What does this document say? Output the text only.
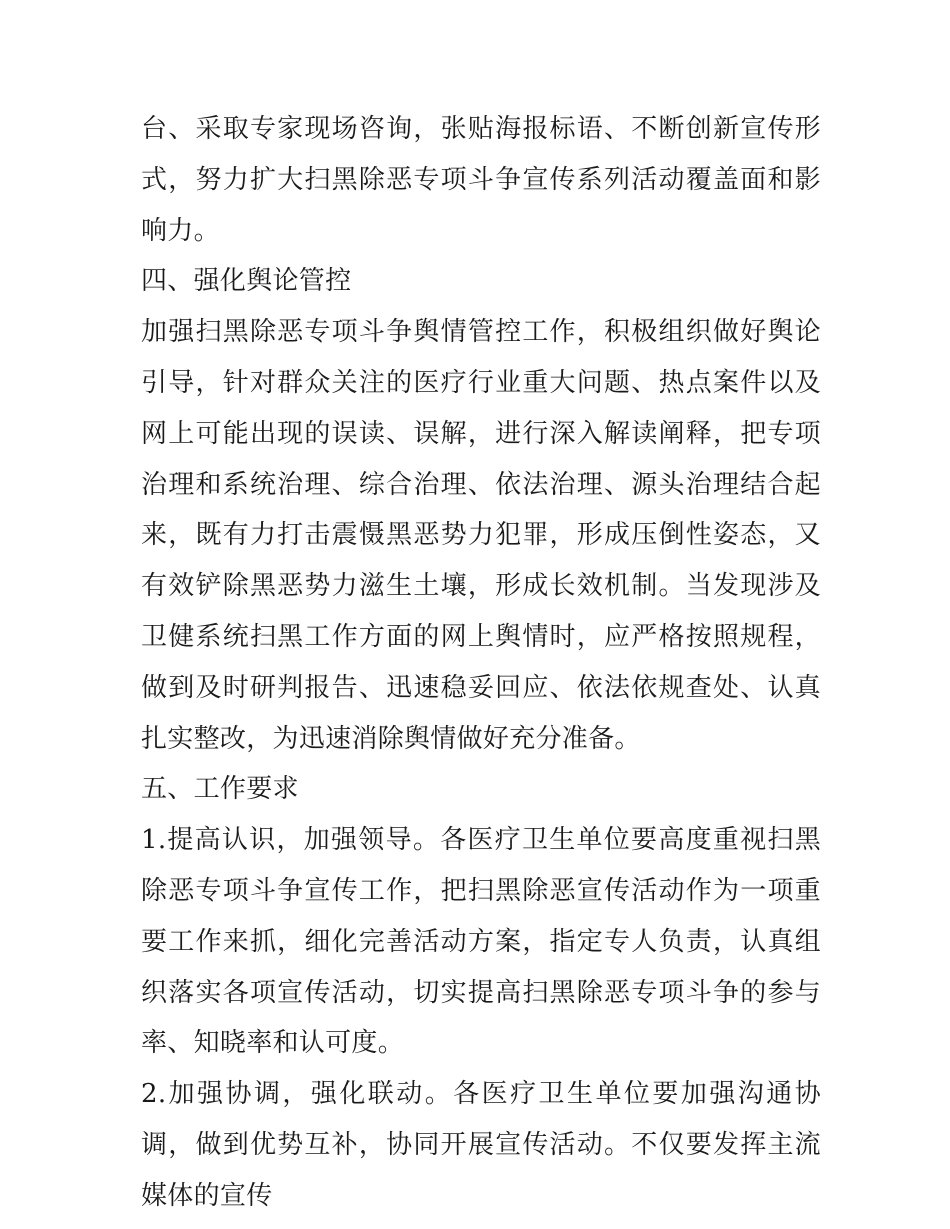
台、采取专家现场咨询，张贴海报标语、不断创新宣传形式，努力扩大扫黑除恶专项斗争宣传系列活动覆盖面和影响力。

四、强化舆论管控

加强扫黑除恶专项斗争舆情管控工作，积极组织做好舆论引导，针对群众关注的医疗行业重大问题、热点案件以及网上可能出现的误读、误解，进行深入解读阐释，把专项治理和系统治理、综合治理、依法治理、源头治理结合起来，既有力打击震慑黑恶势力犯罪，形成压倒性姿态，又有效铲除黑恶势力滋生土壤，形成长效机制。当发现涉及卫健系统扫黑工作方面的网上舆情时，应严格按照规程，做到及时研判报告、迅速稳妥回应、依法依规查处、认真扎实整改，为迅速消除舆情做好充分准备。

五、工作要求

1.提高认识，加强领导。各医疗卫生单位要高度重视扫黑除恶专项斗争宣传工作，把扫黑除恶宣传活动作为一项重要工作来抓，细化完善活动方案，指定专人负责，认真组织落实各项宣传活动，切实提高扫黑除恶专项斗争的参与率、知晓率和认可度。

2.加强协调，强化联动。各医疗卫生单位要加强沟通协调，做到优势互补，协同开展宣传活动。不仅要发挥主流媒体的宣传
